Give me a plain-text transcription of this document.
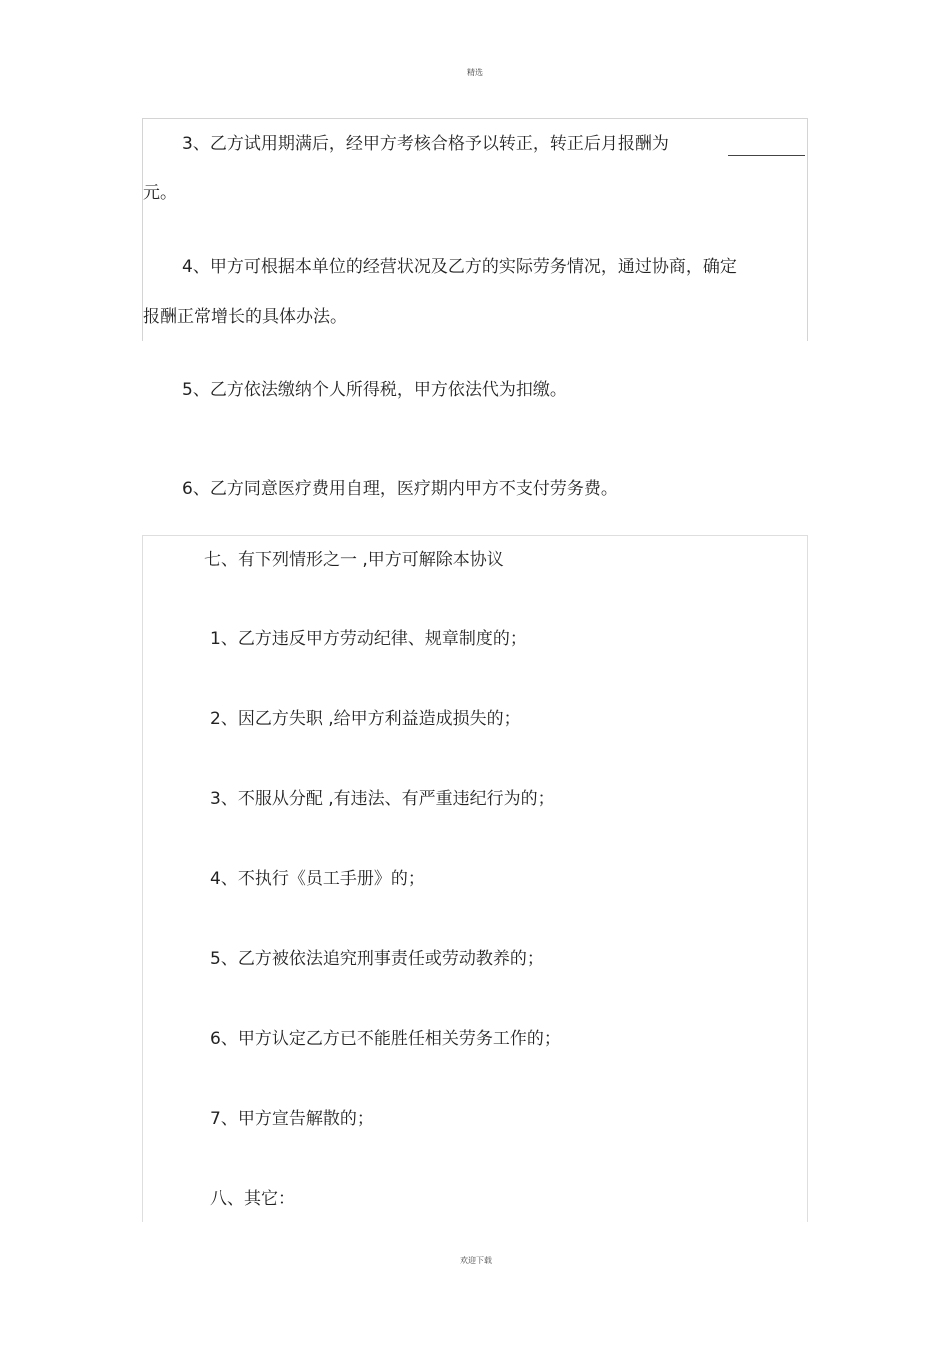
精选
3、乙方试用期满后，经甲方考核合格予以转正，转正后月报酬为
元。
4、甲方可根据本单位的经营状况及乙方的实际劳务情况，通过协商，确定
报酬正常增长的具体办法。
5、乙方依法缴纳个人所得税，甲方依法代为扣缴。
6、乙方同意医疗费用自理，医疗期内甲方不支付劳务费。
七、有下列情形之一 ,甲方可解除本协议
1、乙方违反甲方劳动纪律、规章制度的；
2、因乙方失职 ,给甲方利益造成损失的；
3、不服从分配 ,有违法、有严重违纪行为的；
4、不执行《员工手册》的；
5、乙方被依法追究刑事责任或劳动教养的；
6、甲方认定乙方已不能胜任相关劳务工作的；
7、甲方宣告解散的；
八、其它：
欢迎下载
